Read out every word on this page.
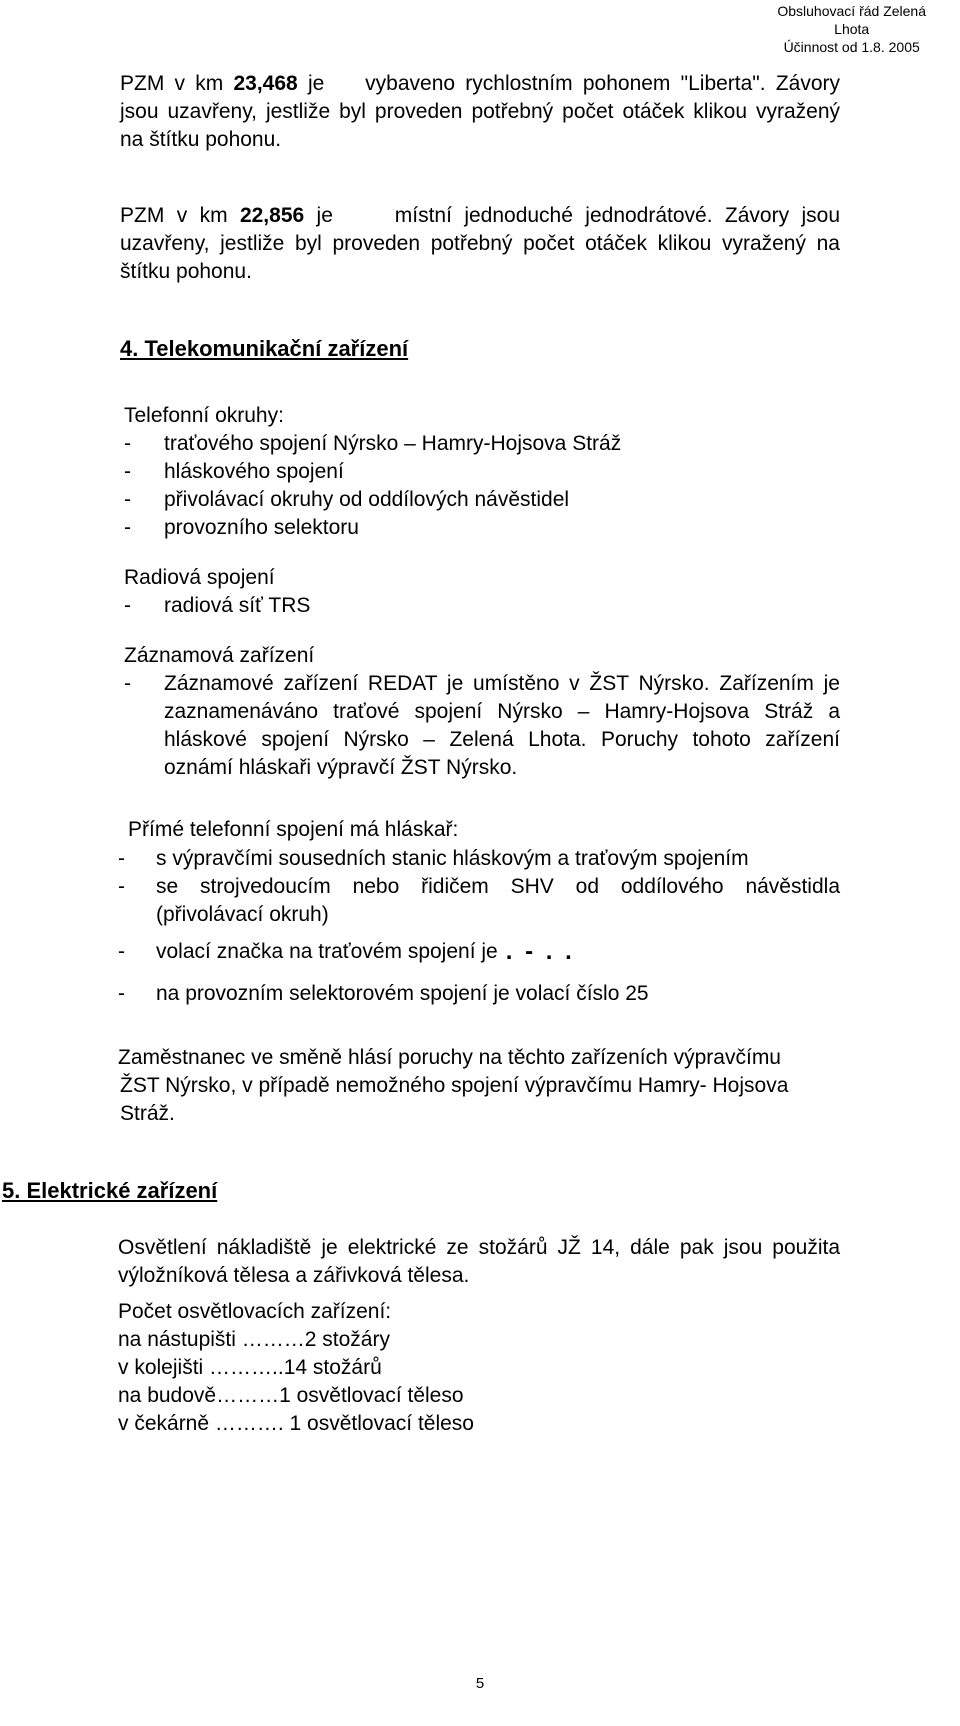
Obsluhovací řád Zelená
Lhota
Účinnost od 1.8. 2005

PZM v km 23,468 je    vybaveno rychlostním pohonem "Liberta". Závory

jsou uzavřeny, jestliže byl proveden potřebný počet otáček klikou vyražený

na štítku pohonu.

PZM v km 22,856 je     místní jednoduché jednodrátové. Závory jsou

uzavřeny, jestliže byl proveden potřebný počet otáček klikou vyražený na

štítku pohonu.

4. Telekomunikační zařízení

Telefonní okruhy:
-	traťového spojení Nýrsko – Hamry-Hojsova Stráž
-	hláskového spojení
-	přivolávací okruhy od oddílových návěstidel
-	provozního selektoru
Radiová spojení
-	radiová síť TRS
Záznamová zařízení
-	Záznamové zařízení REDAT je umístěno v ŽST Nýrsko. Zařízením je

zaznamenáváno traťové spojení Nýrsko – Hamry-Hojsova Stráž a

hláskové spojení Nýrsko – Zelená Lhota. Poruchy tohoto zařízení

oznámí hláskaři výpravčí ŽST Nýrsko.

Přímé telefonní spojení má hláskař:
-	s výpravčími sousedních stanic hláskovým a traťovým spojením
-	se strojvedoucím nebo řidičem SHV od oddílového návěstidla
(přivolávací okruh)
-	volací značka na traťovém spojení je . - . .
-	na provozním selektorovém spojení je volací číslo 25

Zaměstnanec ve směně hlásí poruchy na těchto zařízeních výpravčímu

ŽST Nýrsko, v případě nemožného spojení výpravčímu Hamry- Hojsova

Stráž.

5. Elektrické zařízení

Osvětlení nákladiště je elektrické ze stožárů JŽ 14, dále pak jsou použita

výložníková tělesa a zářivková tělesa.

Počet osvětlovacích zařízení:

na nástupišti ………2 stožáry

v kolejišti ………..14 stožárů

na budově………1 osvětlovací těleso

v čekárně ………. 1 osvětlovací těleso

5
